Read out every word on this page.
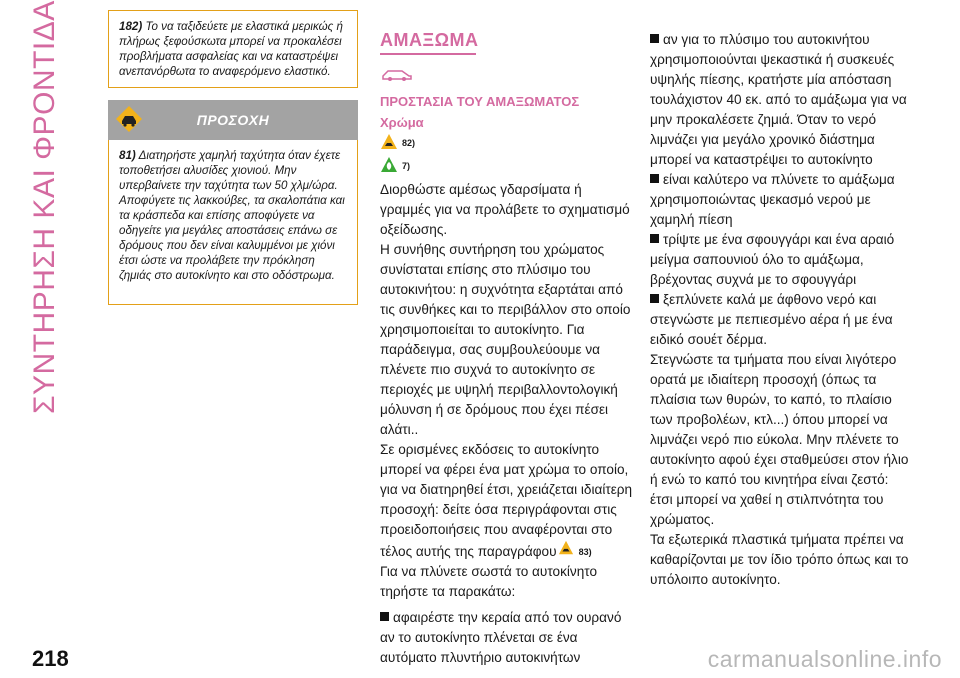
ΣΥΝΤΗΡΗΣΗ ΚΑΙ ΦΡΟΝΤΙΔΑ	182) Το να ταξιδεύετε με ελαστικά μερικώς ή πλήρως ξεφούσκωτα μπορεί να προκαλέσει προβλήματα ασφαλείας και να καταστρέψει ανεπανόρθωτα το αναφερόμενο ελαστικό.
ΠΡΟΣΟΧΗ
81) Διατηρήστε χαμηλή ταχύτητα όταν έχετε τοποθετήσει αλυσίδες χιονιού. Μην υπερβαίνετε την ταχύτητα των 50 χλμ/ώρα. Αποφύγετε τις λακκούβες, τα σκαλοπάτια και τα κράσπεδα και επίσης αποφύγετε να οδηγείτε για μεγάλες αποστάσεις επάνω σε δρόμους που δεν είναι καλυμμένοι με χιόνι έτσι ώστε να προλάβετε την πρόκληση ζημιάς στο αυτοκίνητο και στο οδόστρωμα.
ΑΜΑΞΩΜΑ
ΠΡΟΣΤΑΣΙΑ ΤΟΥ ΑΜΑΞΩΜΑΤΟΣ
Χρώμα
82)
7)

Διορθώστε αμέσως γδαρσίματα ή γραμμές για να προλάβετε το σχηματισμό οξείδωσης.

Η συνήθης συντήρηση του χρώματος συνίσταται επίσης στο πλύσιμο του αυτοκινήτου: η συχνότητα εξαρτάται από τις συνθήκες και το περιβάλλον στο οποίο χρησιμοποιείται το αυτοκίνητο. Για παράδειγμα, σας συμβουλεύουμε να πλένετε πιο συχνά το αυτοκίνητο σε περιοχές με υψηλή περιβαλλοντολογική μόλυνση ή σε δρόμους που έχει πέσει αλάτι..

Σε ορισμένες εκδόσεις το αυτοκίνητο μπορεί να φέρει ένα ματ χρώμα το οποίο, για να διατηρηθεί έτσι, χρειάζεται ιδιαίτερη προσοχή: δείτε όσα περιγράφονται στις προειδοποιήσεις που αναφέρονται στο τέλος αυτής της παραγράφου 83)

Για να πλύνετε σωστά το αυτοκίνητο τηρήστε τα παρακάτω:

αφαιρέστε την κεραία από τον ουρανό αν το αυτοκίνητο πλένεται σε ένα αυτόματο πλυντήριο αυτοκινήτων

αν για το πλύσιμο του αυτοκινήτου χρησιμοποιούνται ψεκαστικά ή συσκευές υψηλής πίεσης, κρατήστε μία απόσταση τουλάχιστον 40 εκ. από το αμάξωμα για να μην προκαλέσετε ζημιά. Όταν το νερό λιμνάζει για μεγάλο χρονικό διάστημα μπορεί να καταστρέψει το αυτοκίνητο

είναι καλύτερο να πλύνετε το αμάξωμα χρησιμοποιώντας ψεκασμό νερού με χαμηλή πίεση

τρίψτε με ένα σφουγγάρι και ένα αραιό μείγμα σαπουνιού όλο το αμάξωμα, βρέχοντας συχνά με το σφουγγάρι

ξεπλύνετε καλά με άφθονο νερό και στεγνώστε με πεπιεσμένο αέρα ή με ένα ειδικό σουέτ δέρμα.

Στεγνώστε τα τμήματα που είναι λιγότερο ορατά με ιδιαίτερη προσοχή (όπως τα πλαίσια των θυρών, το καπό, το πλαίσιο των προβολέων, κτλ...) όπου μπορεί να λιμνάζει νερό πιο εύκολα. Μην πλένετε το αυτοκίνητο αφού έχει σταθμεύσει στον ήλιο ή ενώ το καπό του κινητήρα είναι ζεστό: έτσι μπορεί να χαθεί η στιλπνότητα του χρώματος.

Τα εξωτερικά πλαστικά τμήματα πρέπει να καθαρίζονται με τον ίδιο τρόπο όπως και το υπόλοιπο αυτοκίνητο.

218	carmanualsonline.info
